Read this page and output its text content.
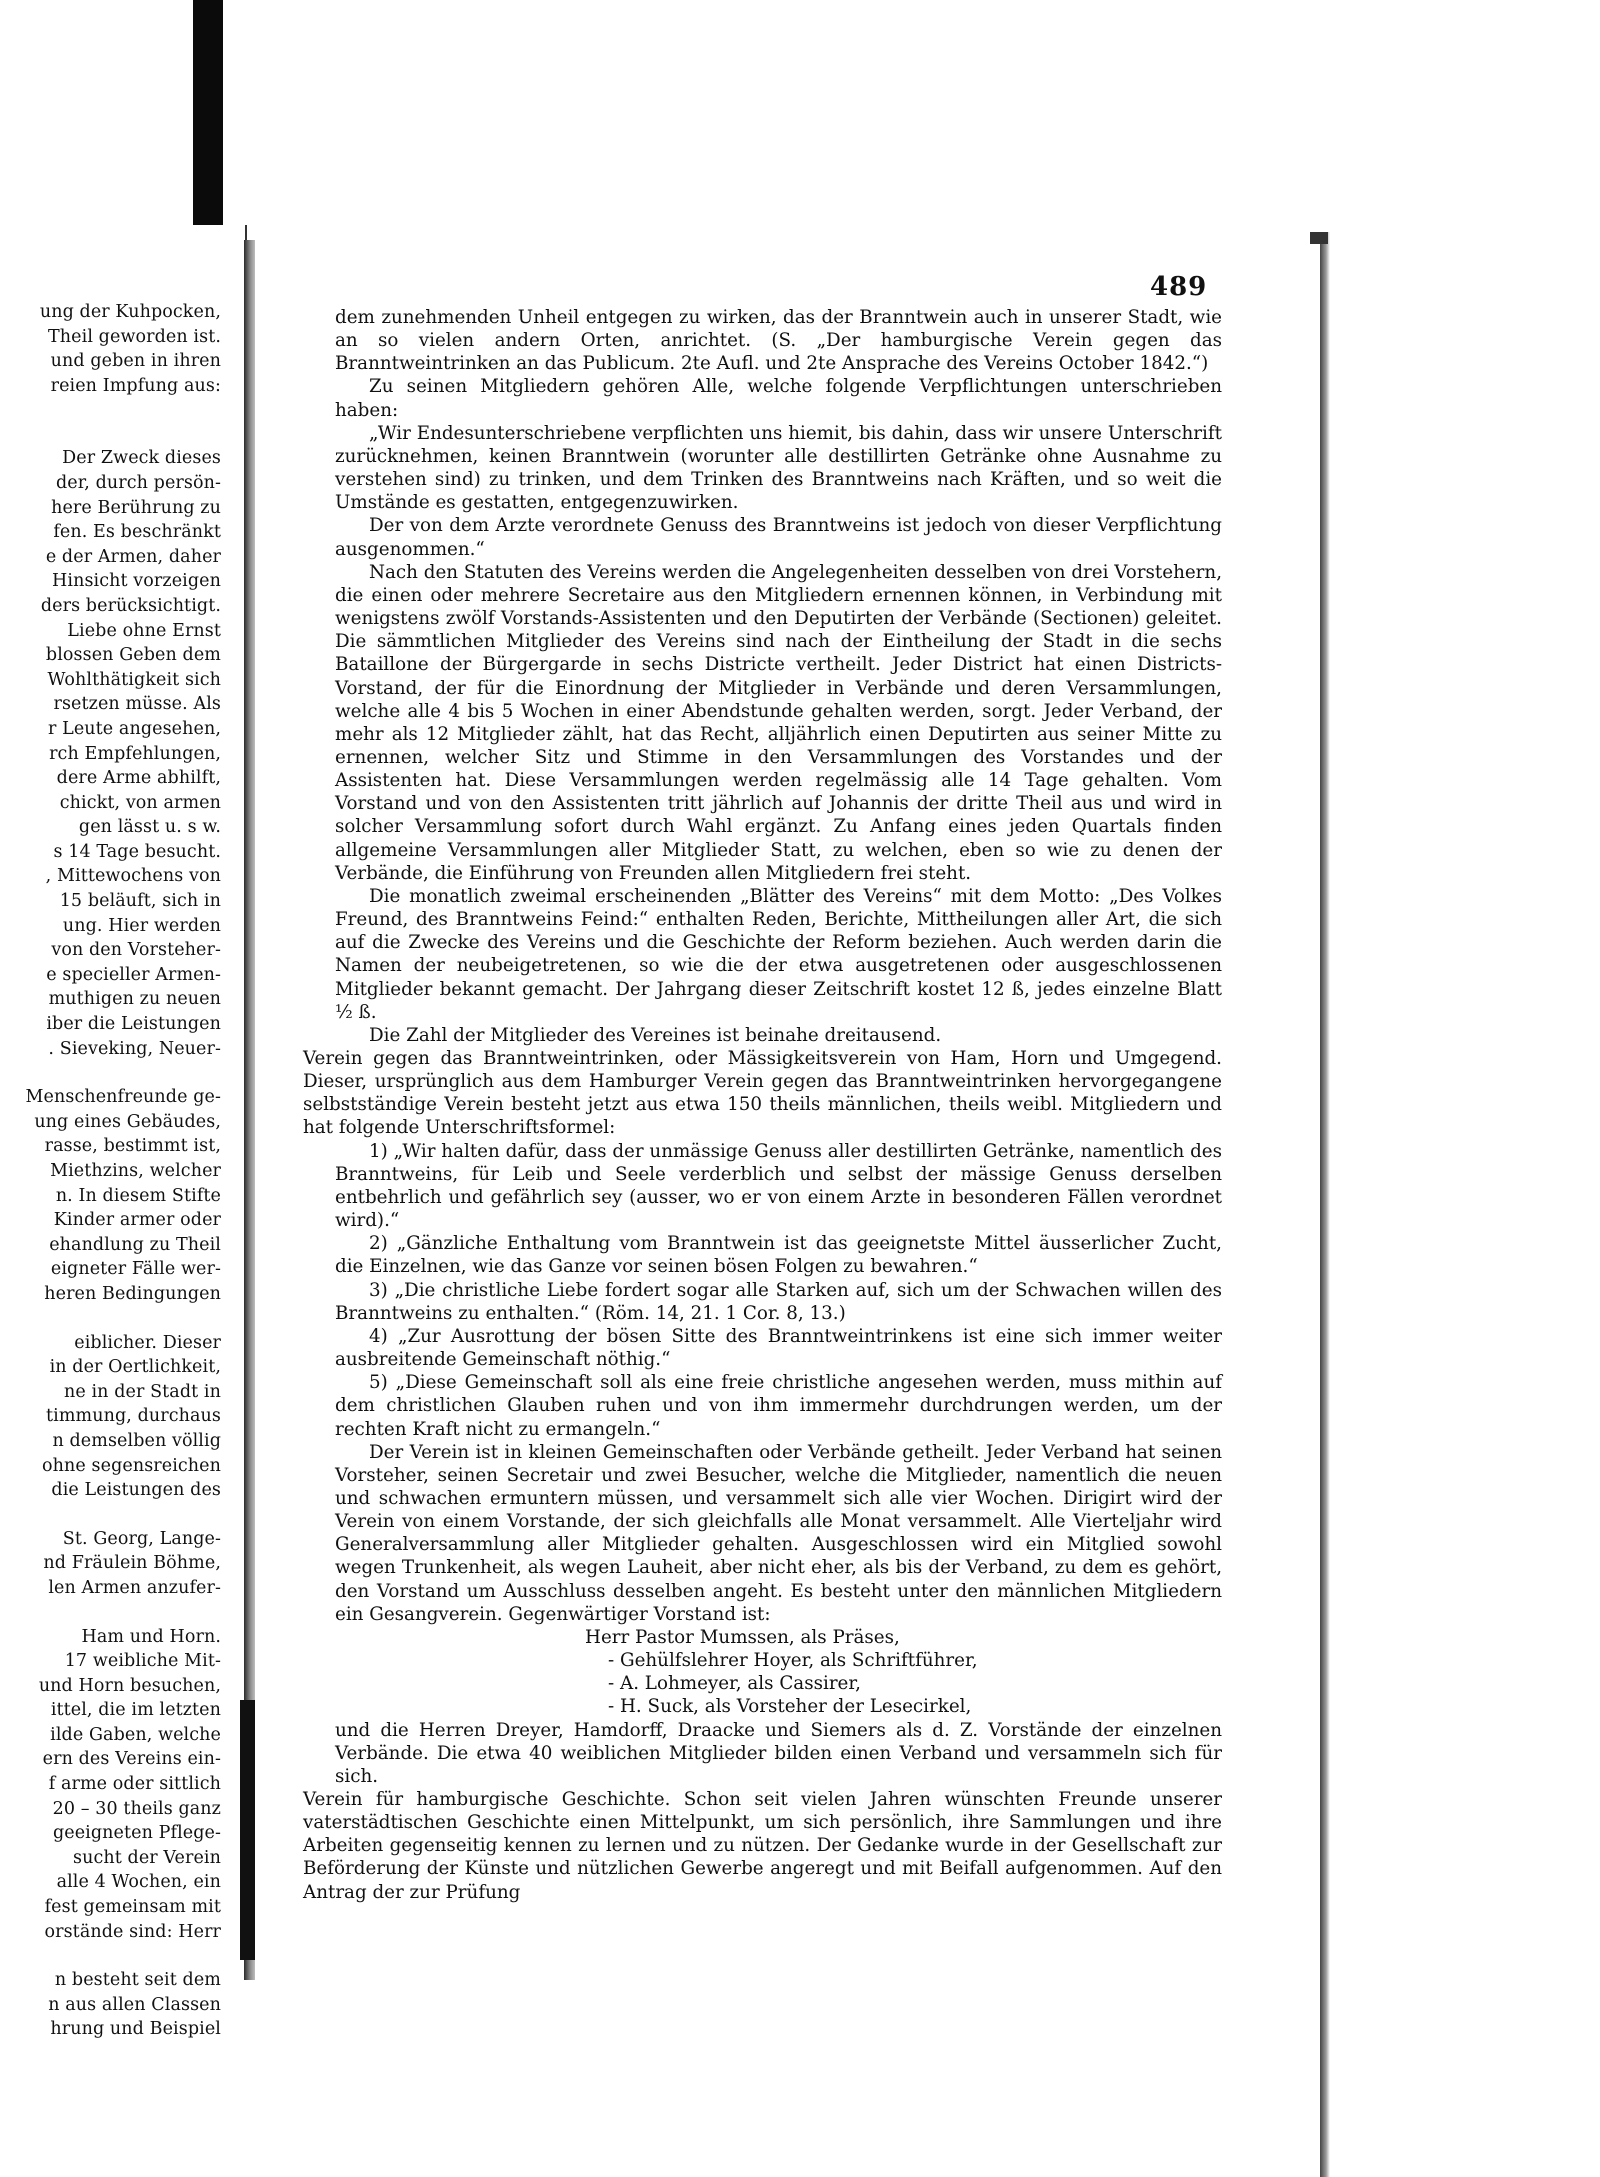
ung der Kuhpocken,
Theil geworden ist.
und geben in ihren
reien Impfung aus:
Der Zweck dieses
der, durch persön-
here Berührung zu
fen. Es beschränkt
e der Armen, daher
Hinsicht vorzeigen
ders berücksichtigt.
Liebe ohne Ernst
blossen Geben dem
Wohlthätigkeit sich
rsetzen müsse. Als
r Leute angesehen,
rch Empfehlungen,
dere Arme abhilft,
chickt, von armen
gen lässt u. s w.
s 14 Tage besucht.
, Mittewochens von
15 beläuft, sich in
ung. Hier werden
von den Vorsteher-
e specieller Armen-
muthigen zu neuen
iber die Leistungen
. Sieveking, Neuer-
Menschenfreunde ge-
ung eines Gebäudes,
rasse, bestimmt ist,
Miethzins, welcher
n. In diesem Stifte
Kinder armer oder
ehandlung zu Theil
eigneter Fälle wer-
heren Bedingungen
eiblicher. Dieser
in der Oertlichkeit,
ne in der Stadt in
timmung, durchaus
n demselben völlig
ohne segensreichen
die Leistungen des
St. Georg, Lange-
nd Fräulein Böhme,
len Armen anzufer-
Ham und Horn.
17 weibliche Mit-
und Horn besuchen,
ittel, die im letzten
ilde Gaben, welche
ern des Vereins ein-
f arme oder sittlich
20 – 30 theils ganz
geeigneten Pflege-
sucht der Verein
alle 4 Wochen, ein
fest gemeinsam mit
orstände sind: Herr
n besteht seit dem
n aus allen Classen
hrung und Beispiel
489
dem zunehmenden Unheil entgegen zu wirken, das der Branntwein auch in unserer Stadt, wie an so vielen andern Orten, anrichtet. (S. „Der hamburgische Verein gegen das Branntweintrinken an das Publicum. 2te Aufl. und 2te Ansprache des Vereins October 1842.“)
Zu seinen Mitgliedern gehören Alle, welche folgende Verpflichtungen unterschrieben haben:
„Wir Endesunterschriebene verpflichten uns hiemit, bis dahin, dass wir unsere Unterschrift zurücknehmen, keinen Branntwein (worunter alle destillirten Getränke ohne Ausnahme zu verstehen sind) zu trinken, und dem Trinken des Branntweins nach Kräften, und so weit die Umstände es gestatten, entgegenzuwirken.
Der von dem Arzte verordnete Genuss des Branntweins ist jedoch von dieser Verpflichtung ausgenommen.“
Nach den Statuten des Vereins werden die Angelegenheiten desselben von drei Vorstehern, die einen oder mehrere Secretaire aus den Mitgliedern ernennen können, in Verbindung mit wenigstens zwölf Vorstands-Assistenten und den Deputirten der Verbände (Sectionen) geleitet. Die sämmtlichen Mitglieder des Vereins sind nach der Eintheilung der Stadt in die sechs Bataillone der Bürgergarde in sechs Districte vertheilt. Jeder District hat einen Districts-Vorstand, der für die Einordnung der Mitglieder in Verbände und deren Versammlungen, welche alle 4 bis 5 Wochen in einer Abendstunde gehalten werden, sorgt. Jeder Verband, der mehr als 12 Mitglieder zählt, hat das Recht, alljährlich einen Deputirten aus seiner Mitte zu ernennen, welcher Sitz und Stimme in den Versammlungen des Vorstandes und der Assistenten hat. Diese Versammlungen werden regelmässig alle 14 Tage gehalten. Vom Vorstand und von den Assistenten tritt jährlich auf Johannis der dritte Theil aus und wird in solcher Versammlung sofort durch Wahl ergänzt. Zu Anfang eines jeden Quartals finden allgemeine Versammlungen aller Mitglieder Statt, zu welchen, eben so wie zu denen der Verbände, die Einführung von Freunden allen Mitgliedern frei steht.
Die monatlich zweimal erscheinenden „Blätter des Vereins“ mit dem Motto: „Des Volkes Freund, des Branntweins Feind:“ enthalten Reden, Berichte, Mittheilungen aller Art, die sich auf die Zwecke des Vereins und die Geschichte der Reform beziehen. Auch werden darin die Namen der neubeigetretenen, so wie die der etwa ausgetretenen oder ausgeschlossenen Mitglieder bekannt gemacht. Der Jahrgang dieser Zeitschrift kostet 12 ß, jedes einzelne Blatt ½ ß.
Die Zahl der Mitglieder des Vereines ist beinahe dreitausend.
Verein gegen das Branntweintrinken, oder Mässigkeitsverein von Ham, Horn und Umgegend. Dieser, ursprünglich aus dem Hamburger Verein gegen das Branntweintrinken hervorgegangene selbstständige Verein besteht jetzt aus etwa 150 theils männlichen, theils weibl. Mitgliedern und hat folgende Unterschriftsformel:
1) „Wir halten dafür, dass der unmässige Genuss aller destillirten Getränke, namentlich des Branntweins, für Leib und Seele verderblich und selbst der mässige Genuss derselben entbehrlich und gefährlich sey (ausser, wo er von einem Arzte in besonderen Fällen verordnet wird).“
2) „Gänzliche Enthaltung vom Branntwein ist das geeignetste Mittel äusserlicher Zucht, die Einzelnen, wie das Ganze vor seinen bösen Folgen zu bewahren.“
3) „Die christliche Liebe fordert sogar alle Starken auf, sich um der Schwachen willen des Branntweins zu enthalten.“ (Röm. 14, 21. 1 Cor. 8, 13.)
4) „Zur Ausrottung der bösen Sitte des Branntweintrinkens ist eine sich immer weiter ausbreitende Gemeinschaft nöthig.“
5) „Diese Gemeinschaft soll als eine freie christliche angesehen werden, muss mithin auf dem christlichen Glauben ruhen und von ihm immermehr durchdrungen werden, um der rechten Kraft nicht zu ermangeln.“
Der Verein ist in kleinen Gemeinschaften oder Verbände getheilt. Jeder Verband hat seinen Vorsteher, seinen Secretair und zwei Besucher, welche die Mitglieder, namentlich die neuen und schwachen ermuntern müssen, und versammelt sich alle vier Wochen. Dirigirt wird der Verein von einem Vorstande, der sich gleichfalls alle Monat versammelt. Alle Vierteljahr wird Generalversammlung aller Mitglieder gehalten. Ausgeschlossen wird ein Mitglied sowohl wegen Trunkenheit, als wegen Lauheit, aber nicht eher, als bis der Verband, zu dem es gehört, den Vorstand um Ausschluss desselben angeht. Es besteht unter den männlichen Mitgliedern ein Gesangverein. Gegenwärtiger Vorstand ist:
Herr Pastor Mumssen, als Präses,
- Gehülfslehrer Hoyer, als Schriftführer,
- A. Lohmeyer, als Cassirer,
- H. Suck, als Vorsteher der Lesecirkel,
und die Herren Dreyer, Hamdorff, Draacke und Siemers als d. Z. Vorstände der einzelnen Verbände. Die etwa 40 weiblichen Mitglieder bilden einen Verband und versammeln sich für sich.
Verein für hamburgische Geschichte. Schon seit vielen Jahren wünschten Freunde unserer vaterstädtischen Geschichte einen Mittelpunkt, um sich persönlich, ihre Sammlungen und ihre Arbeiten gegenseitig kennen zu lernen und zu nützen. Der Gedanke wurde in der Gesellschaft zur Beförderung der Künste und nützlichen Gewerbe angeregt und mit Beifall aufgenommen. Auf den Antrag der zur Prüfung
